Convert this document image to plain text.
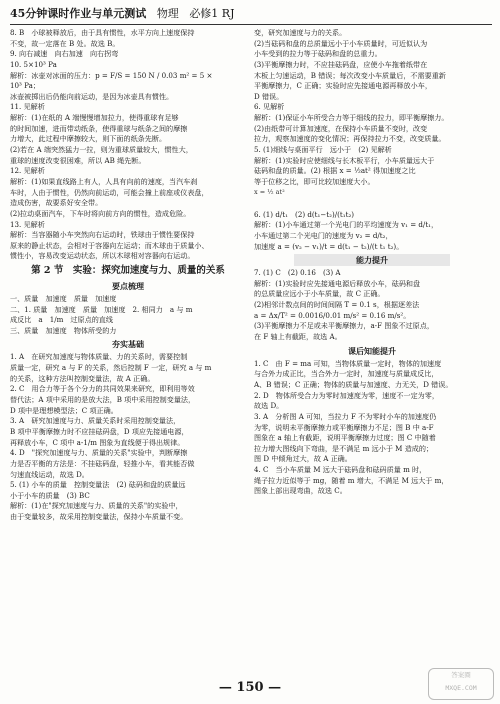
45分钟课时作业与单元测试 物理 必修1 RJ
8. B　小球被释放后，由于具有惯性，水平方向上速度保持
不变，故一定落在 B 处。故选 B。
9. 向右减速　向右加速　向右拐弯
10. 5×10³ Pa
解析：冰壶对冰面的压力：p = F/S = 150 N / 0.03 m² = 5 ×
10³ Pa；
冰壶被掷出后仍能向前运动，是因为冰壶具有惯性。
11. 见解析
解析：(1)在纸的 A 端慢慢增加拉力，使得重球有足够
的时间加速，进而带动纸条，使得重球与纸条之间的摩擦
力增大，此过程中摩擦较大，则下面的纸条先断。
(2)若在 A 端突然猛力一拉，则为重球质量较大，惯性大，
重球的速度改变很困难，所以 AB 绳先断。
12. 见解析
解析：(1)如果直线路上有人，人具有向前的速度，当汽车刹
车时，人由于惯性，仍然向前运动，可能会撞上前座或仪表盘，
造成伤害，故要系好安全带。
(2)拉动桌面汽车，下车时将向前方向的惯性，造成危险。
13. 见解析
解析：当容器随小车突然向右运动时，铁球由于惯性要保持
原来的静止状态，会相对于容器向左运动；而木球由于质量小、
惯性小，容易改变运动状态，所以木球相对容器向右运动。
第 2 节　实验：探究加速度与力、质量的关系
要点梳理
一、质量　加速度　质量　加速度
二、1. 质量　加速度　质量　加速度　2. 相同力　a 与 m
成反比　a　1/m　过原点的直线
三、质量　加速度　物体所受的力
夯实基础
1. A　在研究加速度与物体质量、力的关系时，需要控制
质量一定，研究 a 与 F 的关系，然后控制 F 一定，研究 a 与 m
的关系，这种方法叫控制变量法，故 A 正确。
2. C　用合力等于各个分力的共同效果来研究，即利用等效
替代法；A 项中采用的是放大法，B 项中采用控制变量法，
D 项中是理想模型法；C 项正确。
3. A　研究加速度与力、质量关系时采用控制变量法，
B 项中平衡摩擦力时不应挂砝码盘，D 项应先接通电源，
再释放小车，C 项中 a-1/m 图象为直线便于得出规律。
4. D　"探究加速度与力、质量的关系"实验中，判断摩擦
力是否平衡的方法是：不挂砝码盘，轻推小车，看其能否做
匀速直线运动，故选 D。
5. (1) 小车的质量　控制变量法　(2) 砝码和盘的质量远
小于小车的质量　(3) BC
解析：(1)在"探究加速度与力、质量的关系"的实验中，
由于变量较多，故采用控制变量法，保持小车质量不变。
变，研究加速度与力的关系。
(2)当砝码和盘的总质量远小于小车质量时，可近似认为
小车受到的拉力等于砝码和盘的总重力。
(3)平衡摩擦力时，不应挂砝码盘，应使小车拖着纸带在
木板上匀速运动，B 错误；每次改变小车质量后，不需要重新
平衡摩擦力，C 正确；实验时应先接通电源再释放小车，
D 错误。
6. 见解析
解析：(1)保证小车所受合力等于细线的拉力，即平衡摩擦力。
(2)由纸带可计算加速度，在保持小车质量不变时，改变
拉力，观察加速度的变化情况；再保持拉力不变，改变质量。
5. (1)细线与桌面平行　远小于　(2) 见解析
解析：(1)实验时应使细线与长木板平行，小车质量远大于
砝码和盘的质量。(2) 根据 x = ½at² 得加速度之比
等于位移之比，即可比较加速度大小。
x = ½ at²
6. (1) d/t₁　(2) d(t₁−t₂)/(t₁t₂)
解析：(1)小车通过第一个光电门的平均速度为 v₁ = d/t₁，
小车通过第二个光电门的速度为 v₂ = d/t₂，
加速度 a = (v₂ − v₁)/t = d(t₁ − t₂)/(t t₁ t₂)。
能力提升
7. (1) C　(2) 0.16　(3) A
解析：(1)实验时应先接通电源后释放小车，砝码和盘
的总质量应远小于小车质量，故 C 正确。
(2)相邻计数点间的时间间隔 T = 0.1 s，根据逐差法
a = Δx/T² = 0.0016/0.01 m/s² = 0.16 m/s²。
(3)平衡摩擦力不足或未平衡摩擦力，a-F 图象不过原点，
在 F 轴上有截距，故选 A。
课后知能提升
1. C　由 F = ma 可知，当物体质量一定时，物体的加速度
与合外力成正比，当合外力一定时，加速度与质量成反比，
A、B 错误；C 正确；物体的质量与加速度、力无关，D 错误。
2. D　物体所受合力为零时加速度为零，速度不一定为零，
故选 D。
3. A　分析图 A 可知，当拉力 F 不为零时小车的加速度仍
为零，说明未平衡摩擦力或平衡摩擦力不足；图 B 中 a-F
图象在 a 轴上有截距，说明平衡摩擦力过度；图 C 中随着
拉力增大图线向下弯曲，是不满足 m 远小于 M 造成的；
图 D 中倾角过大，故 A 正确。
4. C　当小车质量 M 远大于砝码盘和砝码质量 m 时，
绳子拉力近似等于 mg，随着 m 增大，不满足 M 远大于 m，
图象上部出现弯曲，故选 C。
— 150 —
答案圈
MXQE.COM
